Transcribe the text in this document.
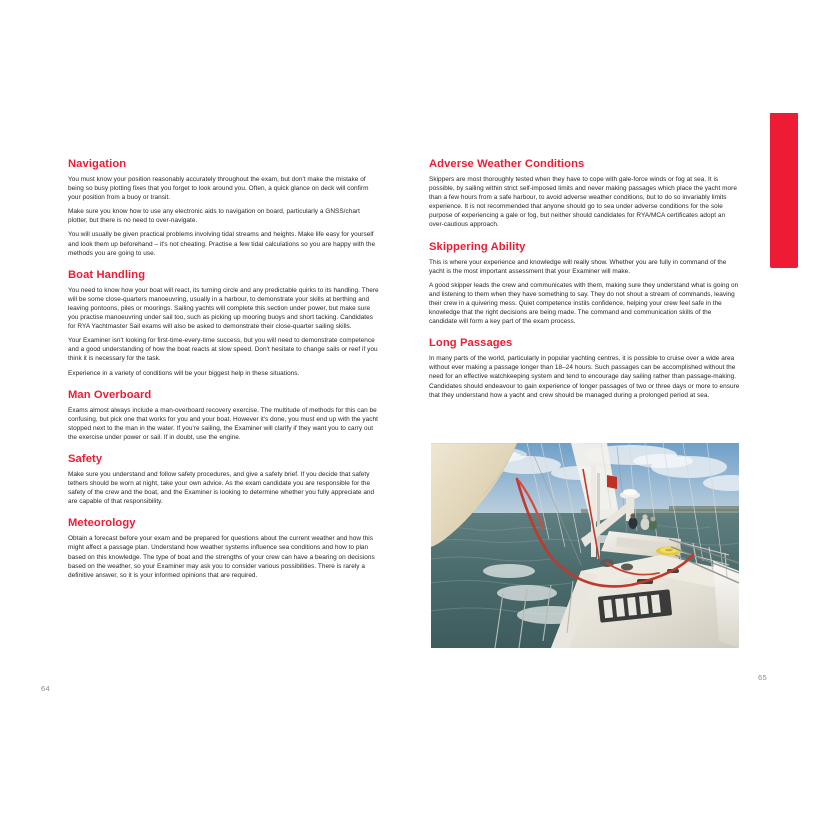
Navigation

You must know your position reasonably accurately throughout the exam, but don't make the mistake of being so busy plotting fixes that you forget to look around you. Often, a quick glance on deck will confirm your position from a buoy or transit.

Make sure you know how to use any electronic aids to navigation on board, particularly a GNSS/chart plotter, but there is no need to over-navigate.

You will usually be given practical problems involving tidal streams and heights. Make life easy for yourself and look them up beforehand – it's not cheating. Practise a few tidal calculations so you are happy with the methods you are going to use.

Boat Handling

You need to know how your boat will react, its turning circle and any predictable quirks to its handling. There will be some close-quarters manoeuvring, usually in a harbour, to demonstrate your skills at berthing and leaving pontoons, piles or moorings. Sailing yachts will complete this section under power, but make sure you practise manoeuvring under sail too, such as picking up mooring buoys and short tacking. Candidates for RYA Yachtmaster Sail exams will also be asked to demonstrate their close-quarter sailing skills.

Your Examiner isn't looking for first-time-every-time success, but you will need to demonstrate competence and a good understanding of how the boat reacts at slow speed. Don't hesitate to change sails or reef if you think it is necessary for the task.

Experience in a variety of conditions will be your biggest help in these situations.

Man Overboard

Exams almost always include a man-overboard recovery exercise. The multitude of methods for this can be confusing, but pick one that works for you and your boat. However it's done, you must end up with the yacht stopped next to the man in the water. If you're sailing, the Examiner will clarify if they want you to carry out the exercise under power or sail. If in doubt, use the engine.

Safety

Make sure you understand and follow safety procedures, and give a safety brief. If you decide that safety tethers should be worn at night, take your own advice. As the exam candidate you are responsible for the safety of the crew and the boat, and the Examiner is looking to determine whether you fully appreciate and are capable of that responsibility.

Meteorology

Obtain a forecast before your exam and be prepared for questions about the current weather and how this might affect a passage plan. Understand how weather systems influence sea conditions and how to plan based on this knowledge. The type of boat and the strengths of your crew can have a bearing on decisions based on the weather, so your Examiner may ask you to consider various possibilities. There is rarely a definitive answer, so it is your informed opinions that are required.

64
Adverse Weather Conditions

Skippers are most thoroughly tested when they have to cope with gale-force winds or fog at sea. It is possible, by sailing within strict self-imposed limits and never making passages which place the yacht more than a few hours from a safe harbour, to avoid adverse weather conditions, but to do so invariably limits experience. It is not recommended that anyone should go to sea under adverse conditions for the sole purpose of experiencing a gale or fog, but neither should candidates for RYA/MCA certificates adopt an over-cautious approach.

Skippering Ability

This is where your experience and knowledge will really show. Whether you are fully in command of the yacht is the most important assessment that your Examiner will make.

A good skipper leads the crew and communicates with them, making sure they understand what is going on and listening to them when they have something to say. They do not shout a stream of commands, leaving their crew in a quivering mess. Quiet competence instils confidence, helping your crew feel safe in the knowledge that the right decisions are being made. The command and communication skills of the candidate will form a key part of the exam process.

Long Passages

In many parts of the world, particularly in popular yachting centres, it is possible to cruise over a wide area without ever making a passage longer than 18–24 hours. Such passages can be accomplished without the need for an effective watchkeeping system and tend to encourage day sailing rather than passage-making. Candidates should endeavour to gain experience of longer passages of two or three days or more to ensure that they understand how a yacht and crew should be managed during a prolonged period at sea.

65
